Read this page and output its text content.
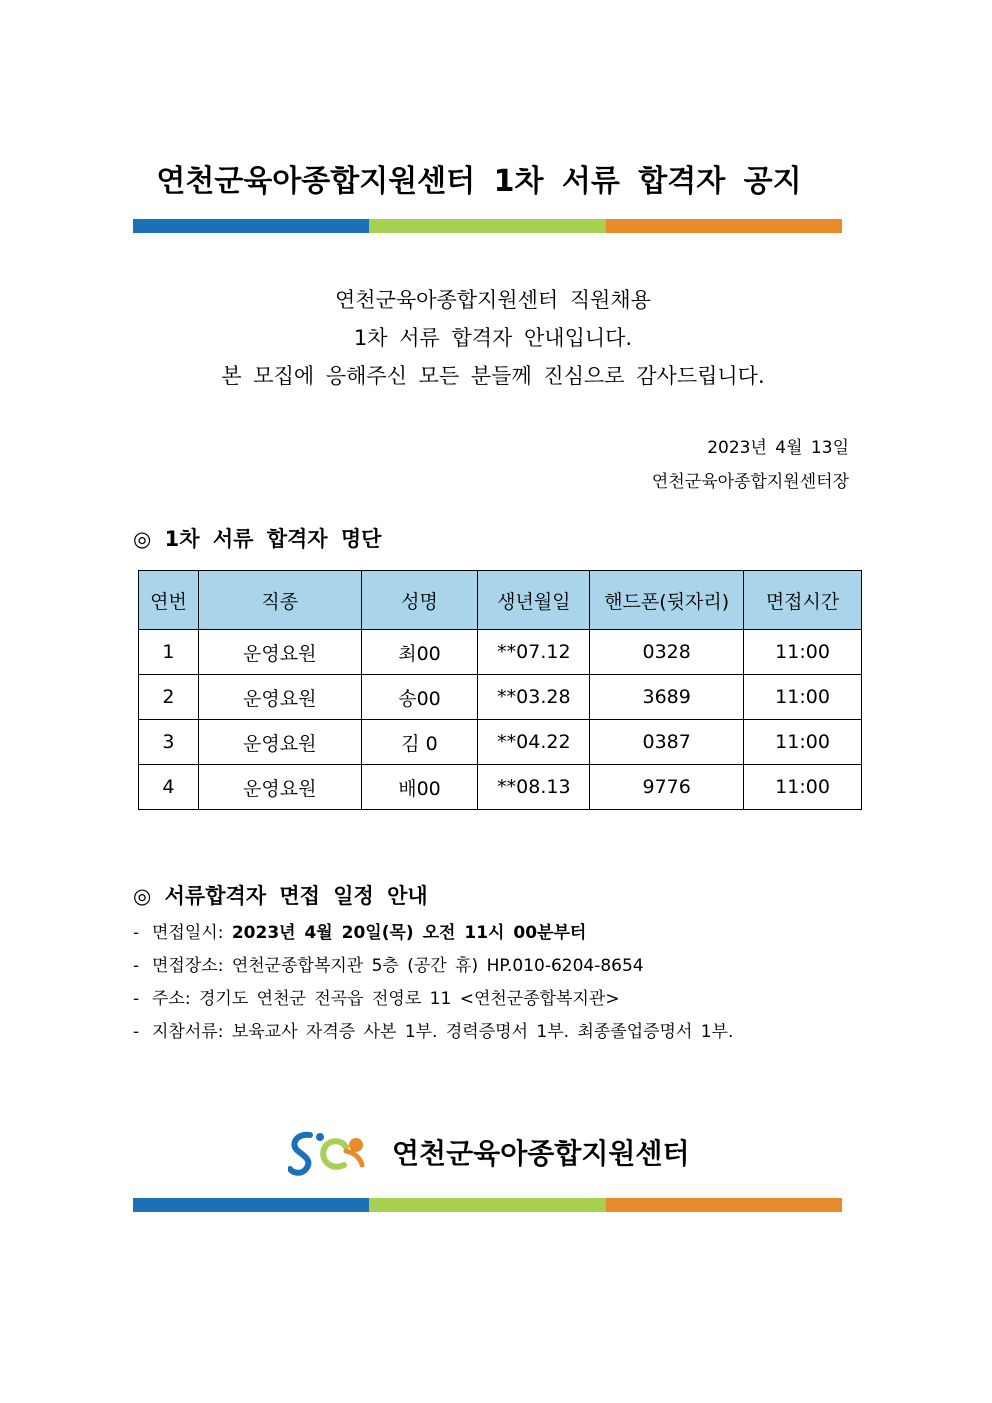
연천군육아종합지원센터 1차 서류 합격자 공지
연천군육아종합지원센터 직원채용
1차 서류 합격자 안내입니다.
본 모집에 응해주신 모든 분들께 진심으로 감사드립니다.
2023년 4월 13일
연천군육아종합지원센터장
◎ 1차 서류 합격자 명단
연번	직종	성명	생년월일	핸드폰(뒷자리)	면접시간
1	운영요원	최00	**07.12	0328	11:00
2	운영요원	송00	**03.28	3689	11:00
3	운영요원	김 0	**04.22	0387	11:00
4	운영요원	배00	**08.13	9776	11:00
◎ 서류합격자 면접 일정 안내
- 면접일시: 2023년 4월 20일(목) 오전 11시 00분부터
- 면접장소: 연천군종합복지관 5층 (공간 휴) HP.010-6204-8654
- 주소: 경기도 연천군 전곡읍 전영로 11 <연천군종합복지관>
- 지참서류: 보육교사 자격증 사본 1부. 경력증명서 1부. 최종졸업증명서 1부.
연천군육아종합지원센터
